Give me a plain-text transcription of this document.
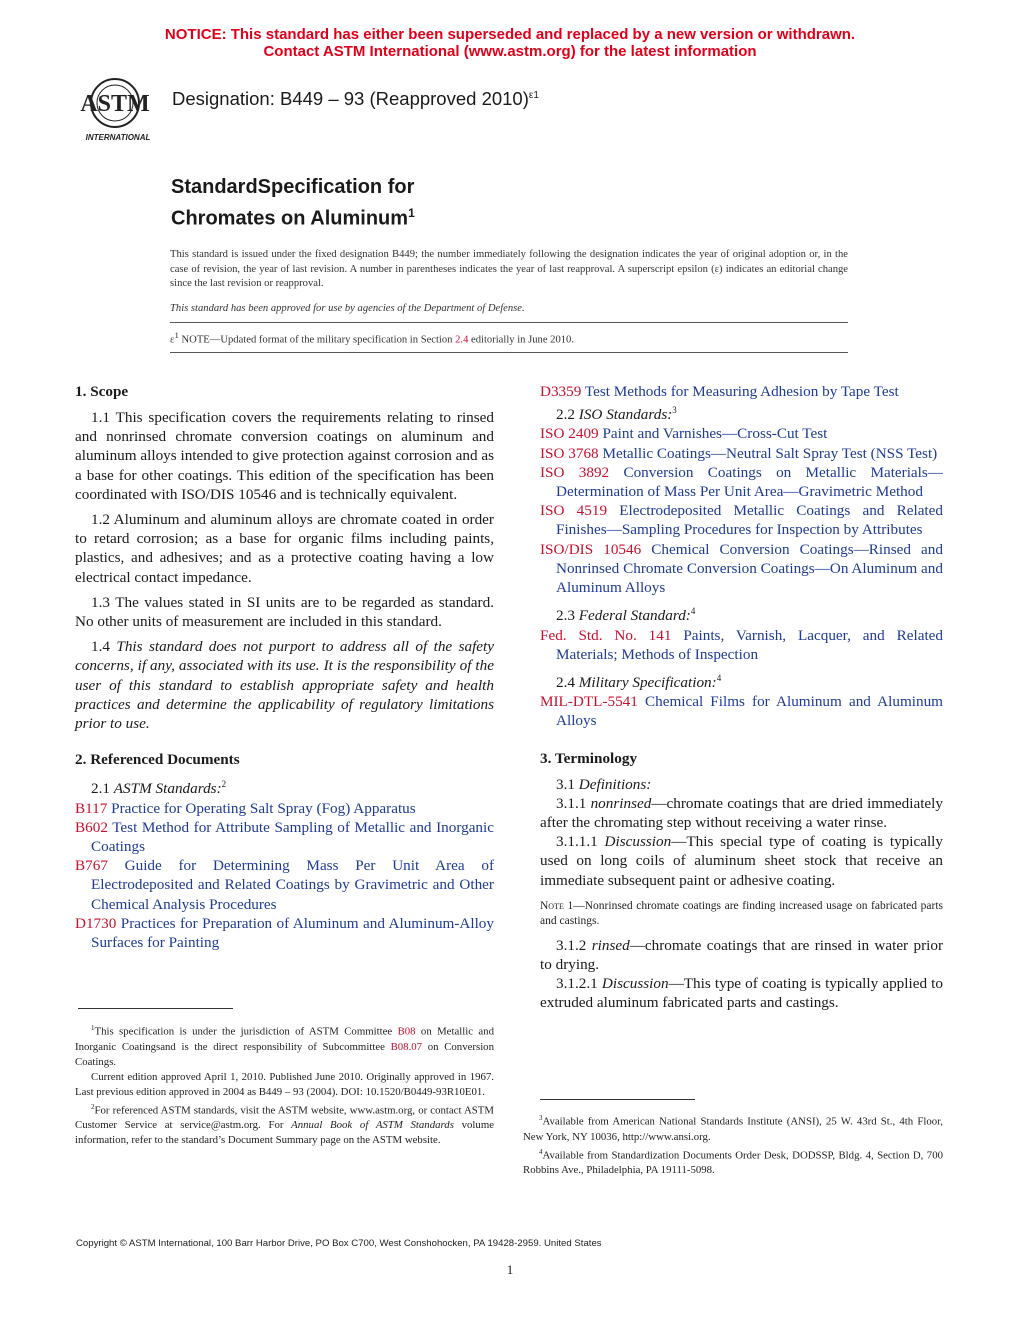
NOTICE: This standard has either been superseded and replaced by a new version or withdrawn.
Contact ASTM International (www.astm.org) for the latest information
ASTM
INTERNATIONAL
Designation: B449 – 93 (Reapproved 2010)$^{\varepsilon 1}$
StandardSpecification for
Chromates on Aluminum$^1$
This standard is issued under the fixed designation B449; the number immediately following the designation indicates the year of original adoption or, in the case of revision, the year of last revision. A number in parentheses indicates the year of last reapproval. A superscript epsilon (ε) indicates an editorial change since the last revision or reapproval.
This standard has been approved for use by agencies of the Department of Defense.
$\varepsilon^1$ NOTE—Updated format of the military specification in Section 2.4 editorially in June 2010.
1. Scope

1.1 This specification covers the requirements relating to rinsed and nonrinsed chromate conversion coatings on aluminum and aluminum alloys intended to give protection against corrosion and as a base for other coatings. This edition of the specification has been coordinated with ISO/DIS 10546 and is technically equivalent.

1.2 Aluminum and aluminum alloys are chromate coated in order to retard corrosion; as a base for organic films including paints, plastics, and adhesives; and as a protective coating having a low electrical contact impedance.

1.3 The values stated in SI units are to be regarded as standard. No other units of measurement are included in this standard.

1.4 This standard does not purport to address all of the safety concerns, if any, associated with its use. It is the responsibility of the user of this standard to establish appropriate safety and health practices and determine the applicability of regulatory limitations prior to use.

2. Referenced Documents

2.1 ASTM Standards:$^2$

B117 Practice for Operating Salt Spray (Fog) Apparatus

B602 Test Method for Attribute Sampling of Metallic and Inorganic Coatings

B767 Guide for Determining Mass Per Unit Area of Electrodeposited and Related Coatings by Gravimetric and Other Chemical Analysis Procedures

D1730 Practices for Preparation of Aluminum and Aluminum-Alloy Surfaces for Painting

$^1$This specification is under the jurisdiction of ASTM Committee B08 on Metallic and Inorganic Coatingsand is the direct responsibility of Subcommittee B08.07 on Conversion Coatings.

Current edition approved April 1, 2010. Published June 2010. Originally approved in 1967. Last previous edition approved in 2004 as B449 – 93 (2004). DOI: 10.1520/B0449-93R10E01.

$^2$For referenced ASTM standards, visit the ASTM website, www.astm.org, or contact ASTM Customer Service at service@astm.org. For Annual Book of ASTM Standards volume information, refer to the standard’s Document Summary page on the ASTM website.

D3359 Test Methods for Measuring Adhesion by Tape Test

2.2 ISO Standards:$^3$

ISO 2409 Paint and Varnishes—Cross-Cut Test

ISO 3768 Metallic Coatings—Neutral Salt Spray Test (NSS Test)

ISO 3892 Conversion Coatings on Metallic Materials—Determination of Mass Per Unit Area—Gravimetric Method

ISO 4519 Electrodeposited Metallic Coatings and Related Finishes—Sampling Procedures for Inspection by Attributes

ISO/DIS 10546 Chemical Conversion Coatings—Rinsed and Nonrinsed Chromate Conversion Coatings—On Aluminum and Aluminum Alloys

2.3 Federal Standard:$^4$

Fed. Std. No. 141 Paints, Varnish, Lacquer, and Related Materials; Methods of Inspection

2.4 Military Specification:$^4$

MIL-DTL-5541 Chemical Films for Aluminum and Aluminum Alloys

3. Terminology

3.1 Definitions:

3.1.1 nonrinsed—chromate coatings that are dried immediately after the chromating step without receiving a water rinse.

3.1.1.1 Discussion—This special type of coating is typically used on long coils of aluminum sheet stock that receive an immediate subsequent paint or adhesive coating.

Note 1—Nonrinsed chromate coatings are finding increased usage on fabricated parts and castings.

3.1.2 rinsed—chromate coatings that are rinsed in water prior to drying.

3.1.2.1 Discussion—This type of coating is typically applied to extruded aluminum fabricated parts and castings.

$^3$Available from American National Standards Institute (ANSI), 25 W. 43rd St., 4th Floor, New York, NY 10036, http://www.ansi.org.

$^4$Available from Standardization Documents Order Desk, DODSSP, Bldg. 4, Section D, 700 Robbins Ave., Philadelphia, PA 19111-5098.

Copyright © ASTM International, 100 Barr Harbor Drive, PO Box C700, West Conshohocken, PA 19428-2959. United States
1
